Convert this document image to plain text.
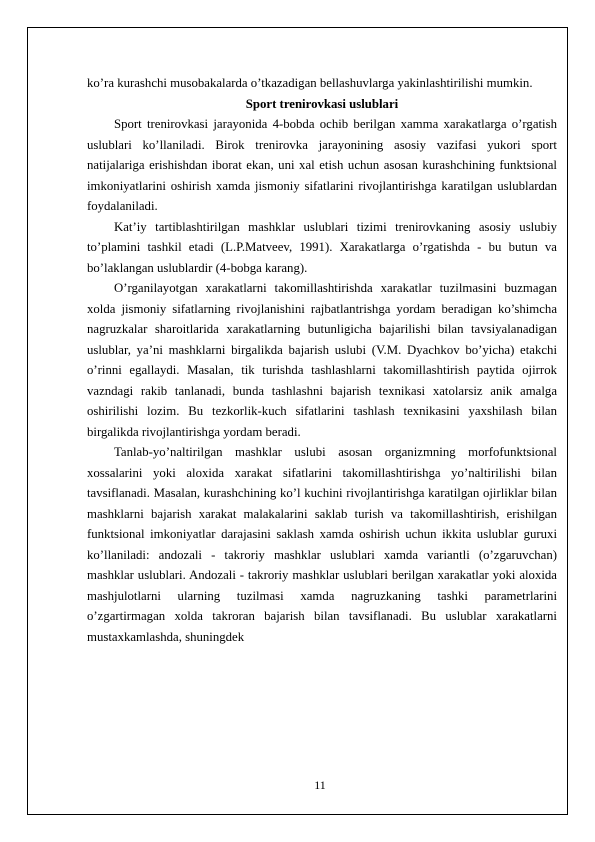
ko’ra kurashchi musobakalarda o’tkazadigan bellashuvlarga yakinlashtirilishi mumkin.

Sport trenirovkasi uslublari

Sport trenirovkasi jarayonida 4-bobda ochib berilgan xamma xarakatlarga o’rgatish uslublari ko’llaniladi. Birok trenirovka jarayonining asosiy vazifasi yukori sport natijalariga erishishdan iborat ekan, uni xal etish uchun asosan kurashchining funktsional imkoniyatlarini oshirish xamda jismoniy sifatlarini rivojlantirishga karatilgan uslublardan foydalaniladi.

Kat’iy tartiblashtirilgan mashklar uslublari tizimi trenirovkaning asosiy uslubiy to’plamini tashkil etadi (L.P.Matveev, 1991). Xarakatlarga o’rgatishda - bu butun va bo’laklangan uslublardir (4-bobga karang).

O’rganilayotgan xarakatlarni takomillashtirishda xarakatlar tuzilmasini buzmagan xolda jismoniy sifatlarning rivojlanishini rajbatlantrishga yordam beradigan ko’shimcha nagruzkalar sharoitlarida xarakatlarning butunligicha bajarilishi bilan tavsiyalanadigan uslublar, ya’ni mashklarni birgalikda bajarish uslubi (V.M. Dyachkov bo’yicha) etakchi o’rinni egallaydi. Masalan, tik turishda tashlashlarni takomillashtirish paytida ojirrok vazndagi rakib tanlanadi, bunda tashlashni bajarish texnikasi xatolarsiz anik amalga oshirilishi lozim. Bu tezkorlik-kuch sifatlarini tashlash texnikasini yaxshilash bilan birgalikda rivojlantirishga yordam beradi.

Tanlab-yo’naltirilgan mashklar uslubi asosan organizmning morfofunktsional xossalarini yoki aloxida xarakat sifatlarini takomillashtirishga yo’naltirilishi bilan tavsiflanadi. Masalan, kurashchining ko’l kuchini rivojlantirishga karatilgan ojirliklar bilan mashklarni bajarish xarakat malakalarini saklab turish va takomillashtirish, erishilgan funktsional imkoniyatlar darajasini saklash xamda oshirish uchun ikkita uslublar guruxi ko’llaniladi: andozali - takroriy mashklar uslublari xamda variantli (o’zgaruvchan) mashklar uslublari. Andozali - takroriy mashklar uslublari berilgan xarakatlar yoki aloxida mashjulotlarni ularning tuzilmasi xamda nagruzkaning tashki parametrlarini o’zgartirmagan xolda takroran bajarish bilan tavsiflanadi. Bu uslublar xarakatlarni mustaxkamlashda, shuningdek

11
